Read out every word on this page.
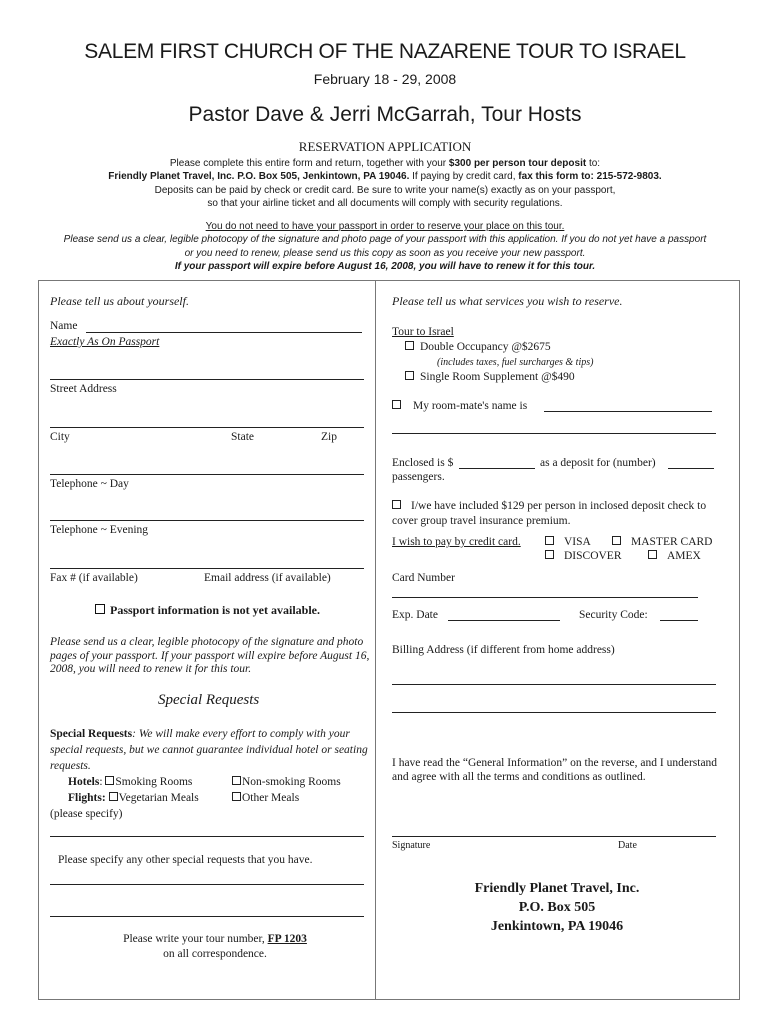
SALEM FIRST CHURCH OF THE NAZARENE TOUR TO ISRAEL
February 18 - 29, 2008
Pastor Dave & Jerri McGarrah, Tour Hosts
RESERVATION APPLICATION

Please complete this entire form and return, together with your $300 per person tour deposit to:

Friendly Planet Travel, Inc. P.O. Box 505, Jenkintown, PA 19046. If paying by credit card, fax this form to: 215-572-9803.

Deposits can be paid by check or credit card. Be sure to write your name(s) exactly as on your passport,

so that your airline ticket and all documents will comply with security regulations.

You do not need to have your passport in order to reserve your place on this tour.

Please send us a clear, legible photocopy of the signature and photo page of your passport with this application. If you do not yet have a passport

or you need to renew, please send us this copy as soon as you receive your new passport.

If your passport will expire before August 16, 2008, you will have to renew it for this tour.

Please tell us about yourself.
Name
Exactly As On Passport
Street Address
City	State	Zip
Telephone ~ Day
Telephone ~ Evening
Fax # (if available)	Email address (if available)
Passport information is not yet available.
Please send us a clear, legible photocopy of the signature and photo pages of your passport. If your passport will expire before August 16, 2008, you will need to renew it for this tour.
Special Requests
Special Requests: We will make every effort to comply with your special requests, but we cannot guarantee individual hotel or seating requests.
Hotels: Smoking Rooms	Non-smoking Rooms
Flights: Vegetarian Meals	Other Meals
(please specify)
Please specify any other special requests that you have.
Please write your tour number, FP 1203
on all correspondence.
Please tell us what services you wish to reserve.
Tour to Israel
Double Occupancy @$2675
(includes taxes, fuel surcharges & tips)
Single Room Supplement @$490
My room-mate's name is
Enclosed is $	as a deposit for (number)
passengers.
I/we have included $129 per person in inclosed deposit check to cover group travel insurance premium.
I wish to pay by credit card.	VISA	MASTER CARD
DISCOVER	AMEX
Card Number
Exp. Date	Security Code:
Billing Address (if different from home address)
I have read the “General Information” on the reverse, and I understand and agree with all the terms and conditions as outlined.
Signature	Date
Friendly Planet Travel, Inc.
P.O. Box 505
Jenkintown, PA 19046
